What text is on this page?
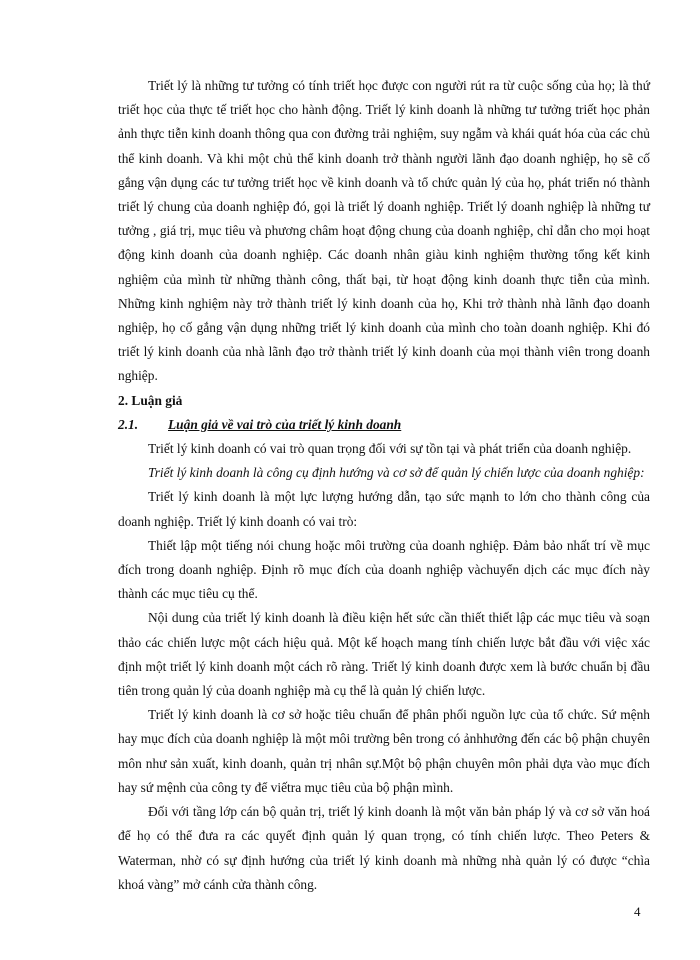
Triết lý là những tư tưởng có tính triết học được con người rút ra từ cuộc sống của họ; là thứ triết học của thực tế triết học cho hành động. Triết lý kinh doanh là những tư tưởng triết học phản ảnh thực tiễn kinh doanh thông qua con đường trải nghiệm, suy ngẫm và khái quát hóa của các chủ thể kinh doanh. Và khi một chủ thể kinh doanh trở thành người lãnh đạo doanh nghiệp, họ sẽ cố gắng vận dụng các tư tưởng triết học về kinh doanh và tổ chức quản lý của họ, phát triển nó thành triết lý chung của doanh nghiệp đó, gọi là triết lý doanh nghiệp. Triết lý doanh nghiệp là những tư tưởng , giá trị, mục tiêu và phương châm hoạt động chung của doanh nghiệp, chỉ dẫn cho mọi hoạt động kinh doanh của doanh nghiệp. Các doanh nhân giàu kinh nghiệm thường tổng kết kinh nghiệm của mình từ những thành công, thất bại, từ hoạt động kinh doanh thực tiễn của mình. Những kinh nghiệm này trở thành triết lý kinh doanh của họ, Khi trở thành nhà lãnh đạo doanh nghiệp, họ cố gắng vận dụng những triết lý kinh doanh của mình cho toàn doanh nghiệp. Khi đó triết lý kinh doanh của nhà lãnh đạo trở thành triết lý kinh doanh của mọi thành viên trong doanh nghiệp.

2. Luận giả

2.1. Luận giả về vai trò của triết lý kinh doanh

Triết lý kinh doanh có vai trò quan trọng đối với sự tồn tại và phát triển của doanh nghiệp.

Triết lý kinh doanh là công cụ định hướng và cơ sở để quản lý chiến lược của doanh nghiệp:

Triết lý kinh doanh là một lực lượng hướng dẫn, tạo sức mạnh to lớn cho thành công của doanh nghiệp. Triết lý kinh doanh có vai trò:

Thiết lập một tiếng nói chung hoặc môi trường của doanh nghiệp. Đảm bảo nhất trí về mục đích trong doanh nghiệp. Định rõ mục đích của doanh nghiệp vàchuyển dịch các mục đích này thành các mục tiêu cụ thể.

Nội dung của triết lý kinh doanh là điều kiện hết sức cần thiết thiết lập các mục tiêu và soạn thảo các chiến lược một cách hiệu quả. Một kế hoạch mang tính chiến lược bắt đầu với việc xác định một triết lý kinh doanh một cách rõ ràng. Triết lý kinh doanh được xem là bước chuẩn bị đầu tiên trong quản lý của doanh nghiệp mà cụ thể là quản lý chiến lược.

Triết lý kinh doanh là cơ sở hoặc tiêu chuẩn để phân phối nguồn lực của tổ chức. Sứ mệnh hay mục đích của doanh nghiệp là một môi trường bên trong có ảnhhưởng đến các bộ phận chuyên môn như sản xuất, kinh doanh, quản trị nhân sự.Một bộ phận chuyên môn phải dựa vào mục đích hay sứ mệnh của công ty để viếtra mục tiêu của bộ phận mình.

Đối với tầng lớp cán bộ quản trị, triết lý kinh doanh là một văn bản pháp lý và cơ sở văn hoá để họ có thể đưa ra các quyết định quản lý quan trọng, có tính chiến lược. Theo Peters & Waterman, nhờ có sự định hướng của triết lý kinh doanh mà những nhà quản lý có được “chìa khoá vàng” mở cánh cửa thành công.

4
